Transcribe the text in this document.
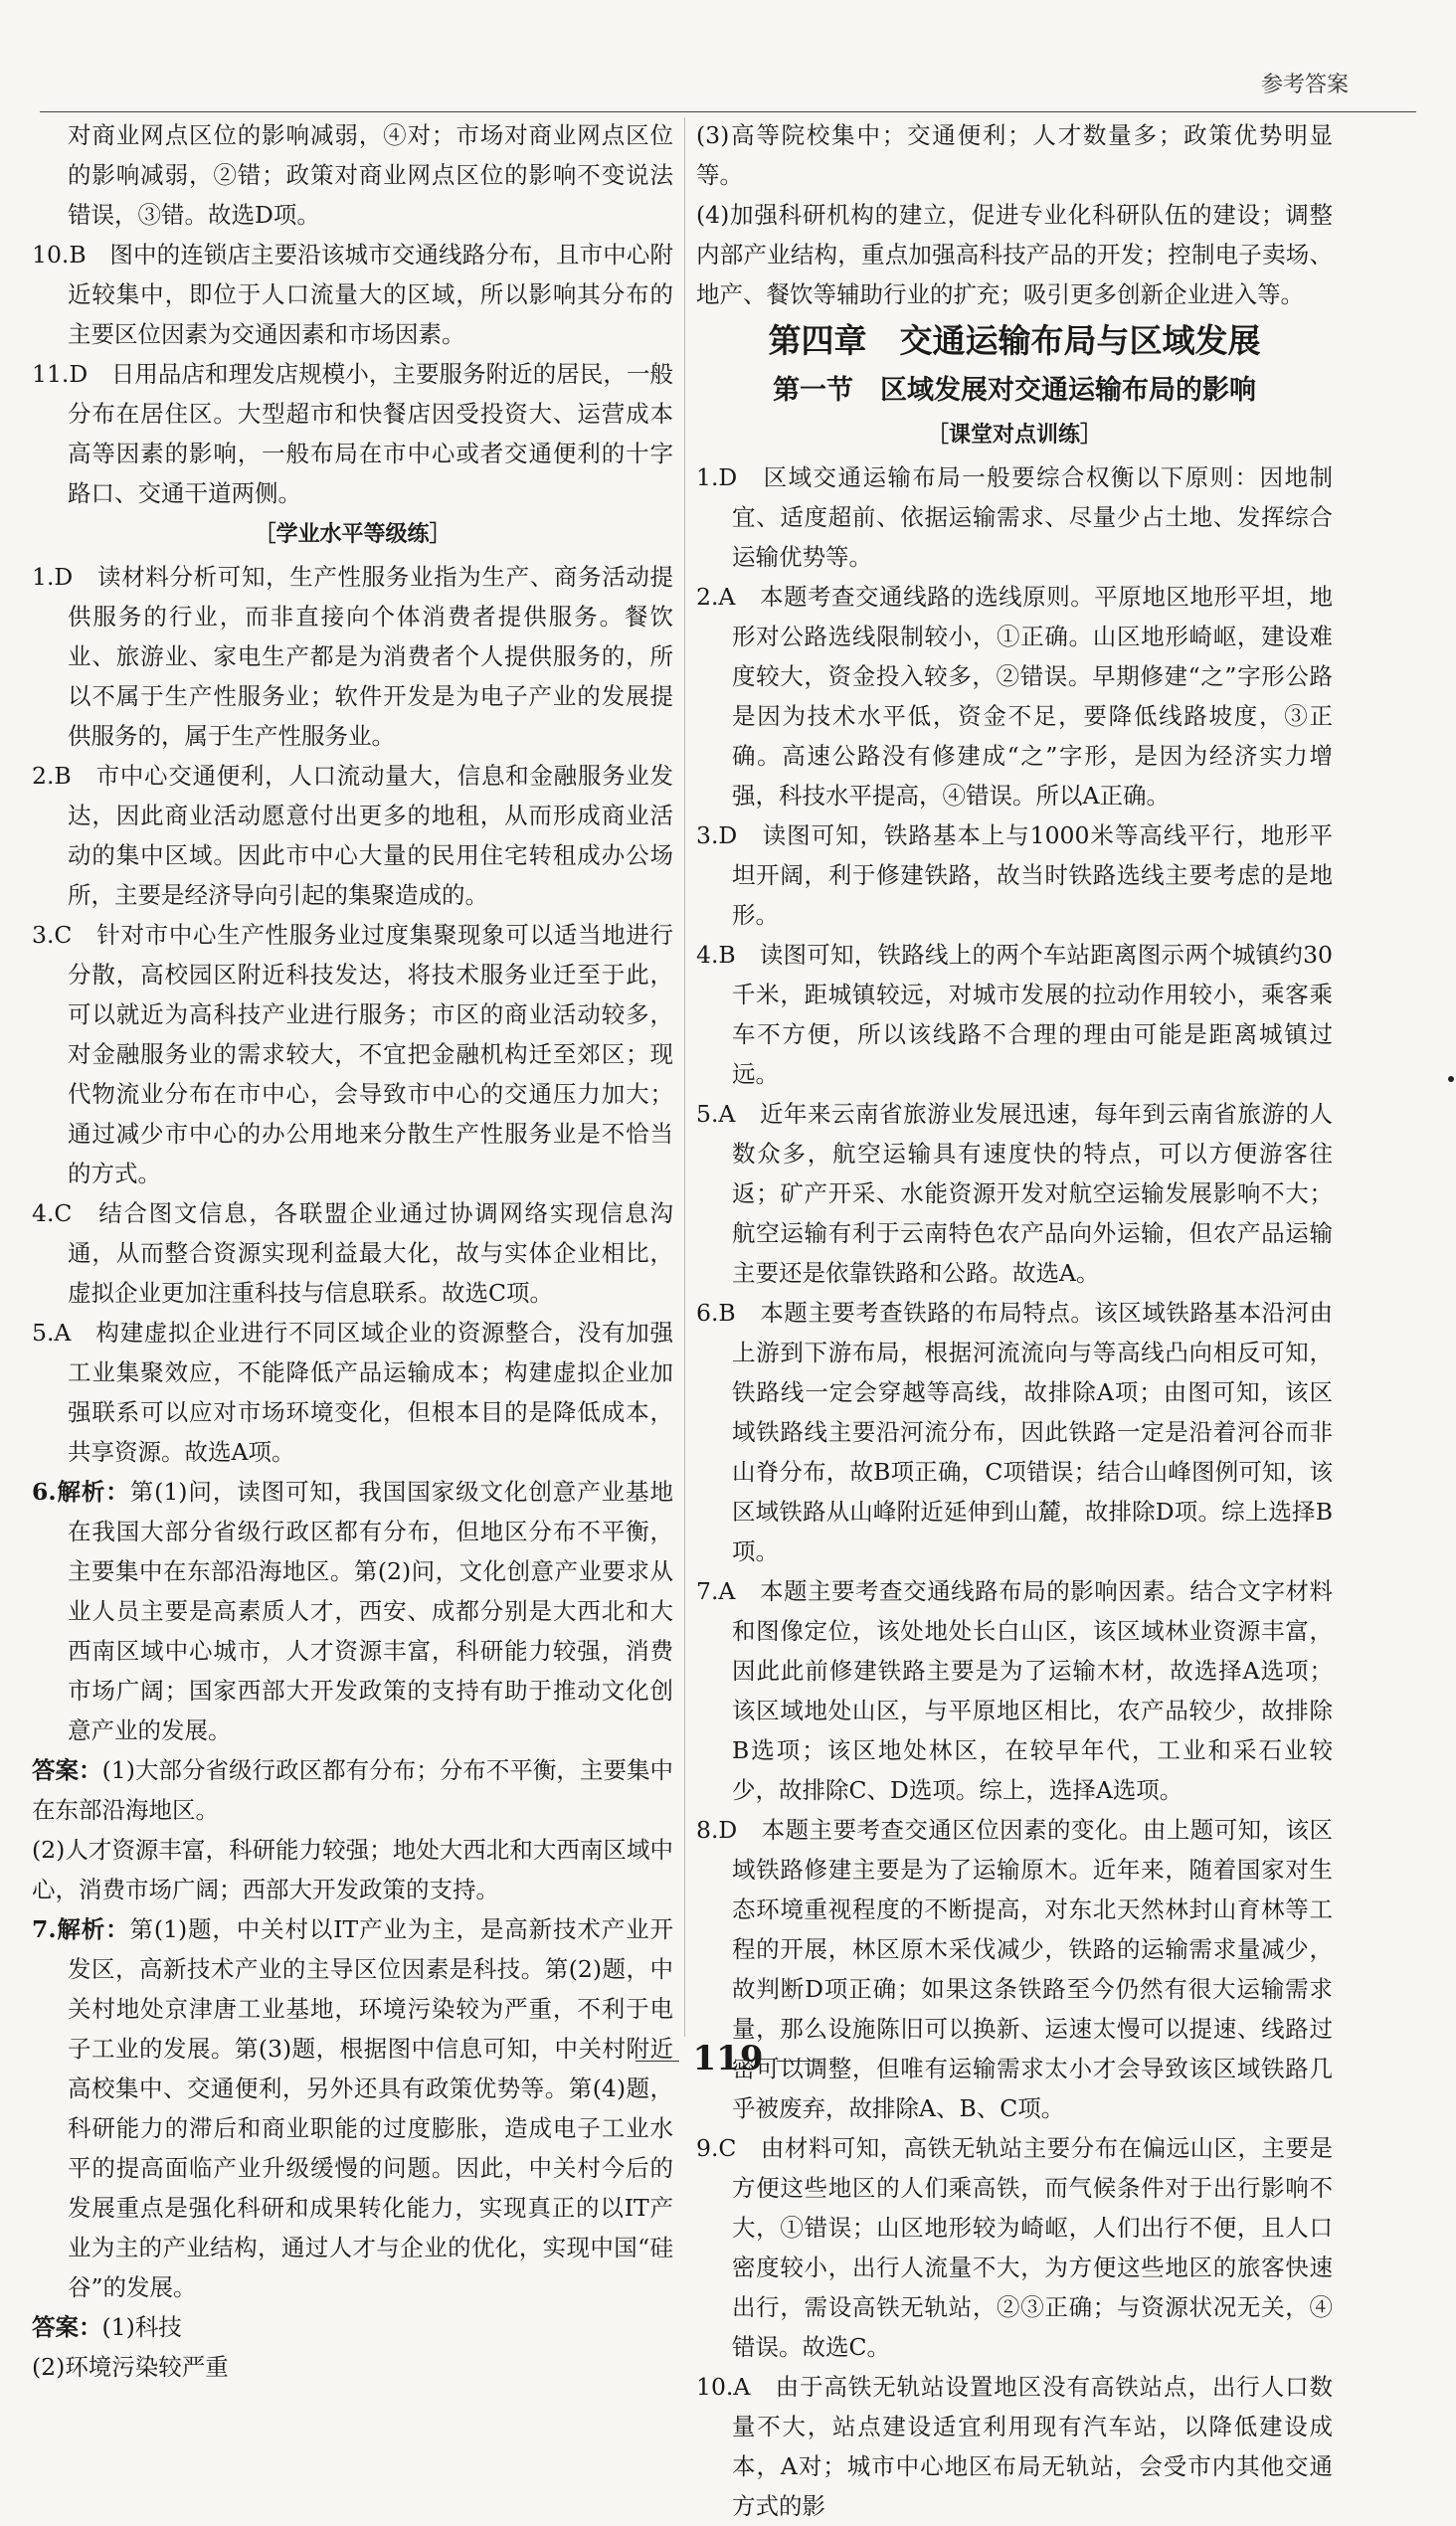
参考答案

对商业网点区位的影响减弱，④对；市场对商业网点区位的影响减弱，②错；政策对商业网点区位的影响不变说法错误，③错。故选D项。

10.B　图中的连锁店主要沿该城市交通线路分布，且市中心附近较集中，即位于人口流量大的区域，所以影响其分布的主要区位因素为交通因素和市场因素。

11.D　日用品店和理发店规模小，主要服务附近的居民，一般分布在居住区。大型超市和快餐店因受投资大、运营成本高等因素的影响，一般布局在市中心或者交通便利的十字路口、交通干道两侧。

［学业水平等级练］

1.D　读材料分析可知，生产性服务业指为生产、商务活动提供服务的行业，而非直接向个体消费者提供服务。餐饮业、旅游业、家电生产都是为消费者个人提供服务的，所以不属于生产性服务业；软件开发是为电子产业的发展提供服务的，属于生产性服务业。

2.B　市中心交通便利，人口流动量大，信息和金融服务业发达，因此商业活动愿意付出更多的地租，从而形成商业活动的集中区域。因此市中心大量的民用住宅转租成办公场所，主要是经济导向引起的集聚造成的。

3.C　针对市中心生产性服务业过度集聚现象可以适当地进行分散，高校园区附近科技发达，将技术服务业迁至于此，可以就近为高科技产业进行服务；市区的商业活动较多，对金融服务业的需求较大，不宜把金融机构迁至郊区；现代物流业分布在市中心，会导致市中心的交通压力加大；通过减少市中心的办公用地来分散生产性服务业是不恰当的方式。

4.C　结合图文信息，各联盟企业通过协调网络实现信息沟通，从而整合资源实现利益最大化，故与实体企业相比，虚拟企业更加注重科技与信息联系。故选C项。

5.A　构建虚拟企业进行不同区域企业的资源整合，没有加强工业集聚效应，不能降低产品运输成本；构建虚拟企业加强联系可以应对市场环境变化，但根本目的是降低成本，共享资源。故选A项。

6.解析：第(1)问，读图可知，我国国家级文化创意产业基地在我国大部分省级行政区都有分布，但地区分布不平衡，主要集中在东部沿海地区。第(2)问，文化创意产业要求从业人员主要是高素质人才，西安、成都分别是大西北和大西南区域中心城市，人才资源丰富，科研能力较强，消费市场广阔；国家西部大开发政策的支持有助于推动文化创意产业的发展。

答案：(1)大部分省级行政区都有分布；分布不平衡，主要集中在东部沿海地区。

(2)人才资源丰富，科研能力较强；地处大西北和大西南区域中心，消费市场广阔；西部大开发政策的支持。

7.解析：第(1)题，中关村以IT产业为主，是高新技术产业开发区，高新技术产业的主导区位因素是科技。第(2)题，中关村地处京津唐工业基地，环境污染较为严重，不利于电子工业的发展。第(3)题，根据图中信息可知，中关村附近高校集中、交通便利，另外还具有政策优势等。第(4)题，科研能力的滞后和商业职能的过度膨胀，造成电子工业水平的提高面临产业升级缓慢的问题。因此，中关村今后的发展重点是强化科研和成果转化能力，实现真正的以IT产业为主的产业结构，通过人才与企业的优化，实现中国“硅谷”的发展。

答案：(1)科技

(2)环境污染较严重

(3)高等院校集中；交通便利；人才数量多；政策优势明显等。

(4)加强科研机构的建立，促进专业化科研队伍的建设；调整内部产业结构，重点加强高科技产品的开发；控制电子卖场、地产、餐饮等辅助行业的扩充；吸引更多创新企业进入等。

第四章　交通运输布局与区域发展

第一节　区域发展对交通运输布局的影响

［课堂对点训练］

1.D　区域交通运输布局一般要综合权衡以下原则：因地制宜、适度超前、依据运输需求、尽量少占土地、发挥综合运输优势等。

2.A　本题考查交通线路的选线原则。平原地区地形平坦，地形对公路选线限制较小，①正确。山区地形崎岖，建设难度较大，资金投入较多，②错误。早期修建“之”字形公路是因为技术水平低，资金不足，要降低线路坡度，③正确。高速公路没有修建成“之”字形，是因为经济实力增强，科技水平提高，④错误。所以A正确。

3.D　读图可知，铁路基本上与1000米等高线平行，地形平坦开阔，利于修建铁路，故当时铁路选线主要考虑的是地形。

4.B　读图可知，铁路线上的两个车站距离图示两个城镇约30千米，距城镇较远，对城市发展的拉动作用较小，乘客乘车不方便，所以该线路不合理的理由可能是距离城镇过远。

5.A　近年来云南省旅游业发展迅速，每年到云南省旅游的人数众多，航空运输具有速度快的特点，可以方便游客往返；矿产开采、水能资源开发对航空运输发展影响不大；航空运输有利于云南特色农产品向外运输，但农产品运输主要还是依靠铁路和公路。故选A。

6.B　本题主要考查铁路的布局特点。该区域铁路基本沿河由上游到下游布局，根据河流流向与等高线凸向相反可知，铁路线一定会穿越等高线，故排除A项；由图可知，该区域铁路线主要沿河流分布，因此铁路一定是沿着河谷而非山脊分布，故B项正确，C项错误；结合山峰图例可知，该区域铁路从山峰附近延伸到山麓，故排除D项。综上选择B项。

7.A　本题主要考查交通线路布局的影响因素。结合文字材料和图像定位，该处地处长白山区，该区域林业资源丰富，因此此前修建铁路主要是为了运输木材，故选择A选项；该区域地处山区，与平原地区相比，农产品较少，故排除B选项；该区地处林区，在较早年代，工业和采石业较少，故排除C、D选项。综上，选择A选项。

8.D　本题主要考查交通区位因素的变化。由上题可知，该区域铁路修建主要是为了运输原木。近年来，随着国家对生态环境重视程度的不断提高，对东北天然林封山育林等工程的开展，林区原木采伐减少，铁路的运输需求量减少，故判断D项正确；如果这条铁路至今仍然有很大运输需求量，那么设施陈旧可以换新、运速太慢可以提速、线路过密可以调整，但唯有运输需求太小才会导致该区域铁路几乎被废弃，故排除A、B、C项。

9.C　由材料可知，高铁无轨站主要分布在偏远山区，主要是方便这些地区的人们乘高铁，而气候条件对于出行影响不大，①错误；山区地形较为崎岖，人们出行不便，且人口密度较小，出行人流量不大，为方便这些地区的旅客快速出行，需设高铁无轨站，②③正确；与资源状况无关，④错误。故选C。

10.A　由于高铁无轨站设置地区没有高铁站点，出行人口数量不大，站点建设适宜利用现有汽车站，以降低建设成本，A对；城市中心地区布局无轨站，会受市内其他交通方式的影

119
